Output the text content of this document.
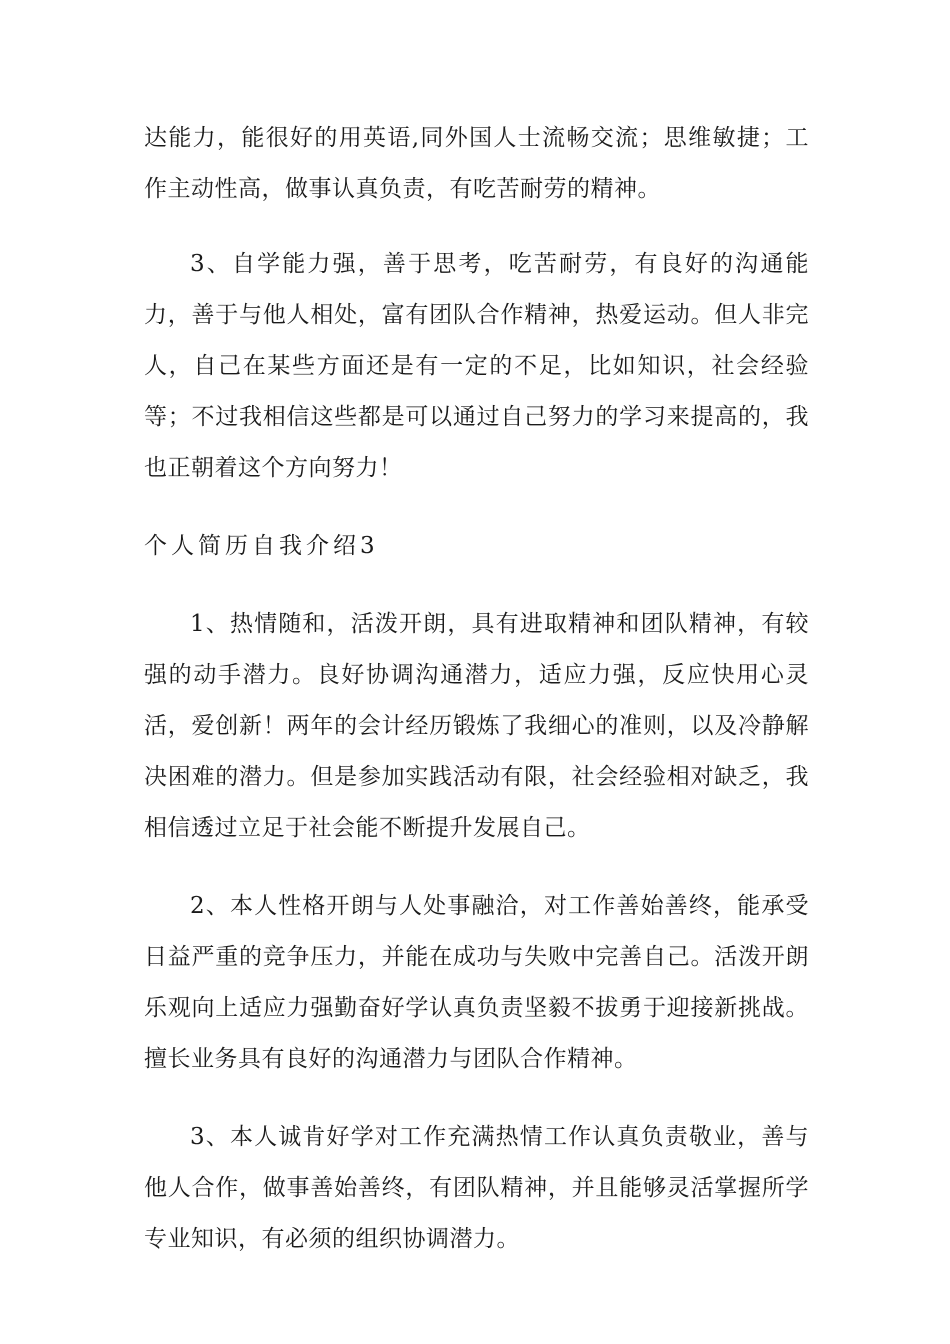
达能力，能很好的用英语,同外国人士流畅交流；思维敏捷；工作主动性高，做事认真负责，有吃苦耐劳的精神。

3、自学能力强，善于思考，吃苦耐劳，有良好的沟通能力，善于与他人相处，富有团队合作精神，热爱运动。但人非完人，自己在某些方面还是有一定的不足，比如知识，社会经验等；不过我相信这些都是可以通过自己努力的学习来提高的，我也正朝着这个方向努力！

个人简历自我介绍3

1、热情随和，活泼开朗，具有进取精神和团队精神，有较强的动手潜力。良好协调沟通潜力，适应力强，反应快用心灵活，爱创新！两年的会计经历锻炼了我细心的准则，以及冷静解决困难的潜力。但是参加实践活动有限，社会经验相对缺乏，我相信透过立足于社会能不断提升发展自己。

2、本人性格开朗与人处事融洽，对工作善始善终，能承受日益严重的竞争压力，并能在成功与失败中完善自己。活泼开朗乐观向上适应力强勤奋好学认真负责坚毅不拔勇于迎接新挑战。擅长业务具有良好的沟通潜力与团队合作精神。

3、本人诚肯好学对工作充满热情工作认真负责敬业，善与他人合作，做事善始善终，有团队精神，并且能够灵活掌握所学专业知识，有必须的组织协调潜力。
